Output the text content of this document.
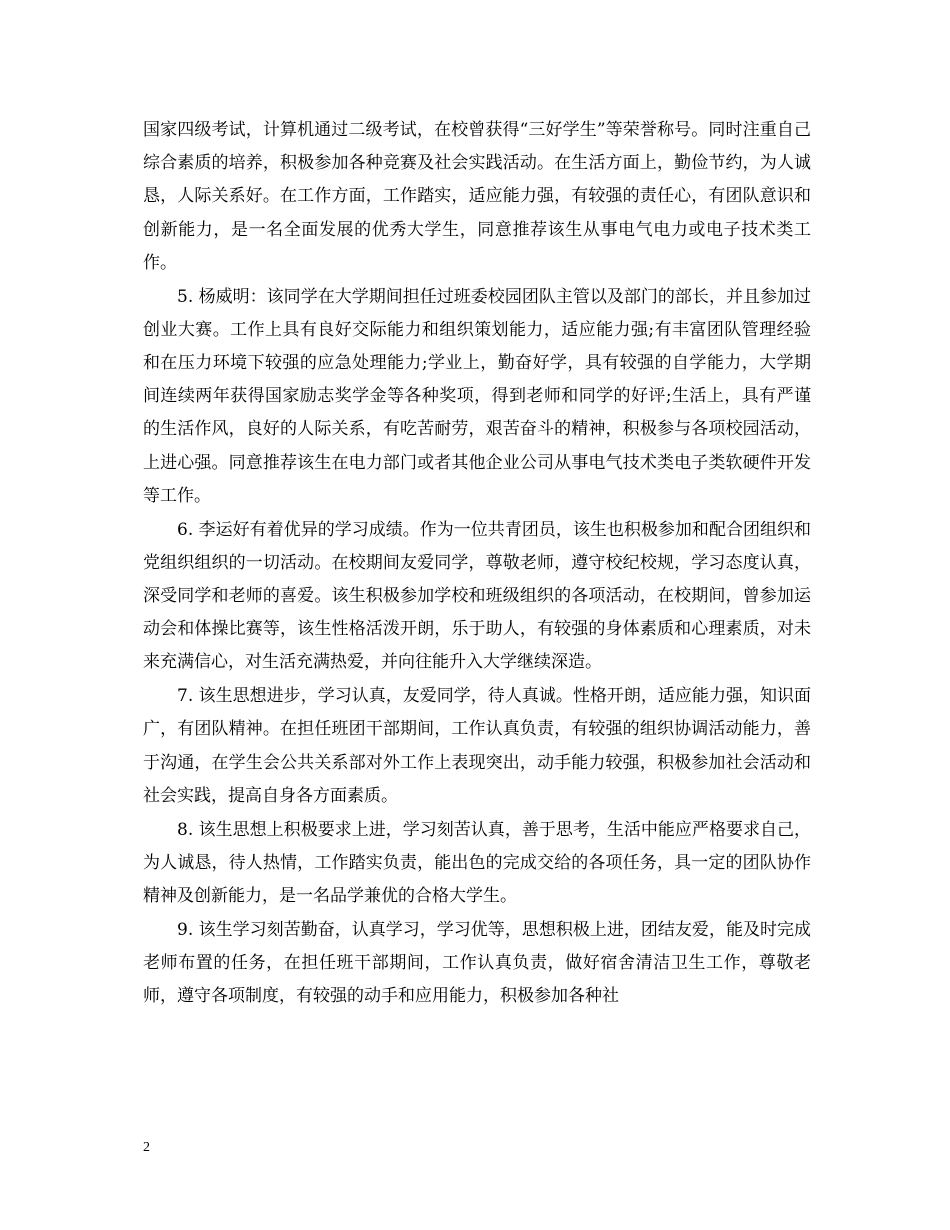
国家四级考试，计算机通过二级考试，在校曾获得“三好学生”等荣誉称号。同时注重自己综合素质的培养，积极参加各种竞赛及社会实践活动。在生活方面上，勤俭节约，为人诚恳，人际关系好。在工作方面，工作踏实，适应能力强，有较强的责任心，有团队意识和创新能力，是一名全面发展的优秀大学生，同意推荐该生从事电气电力或电子技术类工作。

5. 杨威明：该同学在大学期间担任过班委校园团队主管以及部门的部长，并且参加过创业大赛。工作上具有良好交际能力和组织策划能力，适应能力强;有丰富团队管理经验和在压力环境下较强的应急处理能力;学业上，勤奋好学，具有较强的自学能力，大学期间连续两年获得国家励志奖学金等各种奖项，得到老师和同学的好评;生活上，具有严谨的生活作风，良好的人际关系，有吃苦耐劳，艰苦奋斗的精神，积极参与各项校园活动，上进心强。同意推荐该生在电力部门或者其他企业公司从事电气技术类电子类软硬件开发等工作。

6. 李运好有着优异的学习成绩。作为一位共青团员，该生也积极参加和配合团组织和党组织组织的一切活动。在校期间友爱同学，尊敬老师，遵守校纪校规，学习态度认真，深受同学和老师的喜爱。该生积极参加学校和班级组织的各项活动，在校期间，曾参加运动会和体操比赛等，该生性格活泼开朗，乐于助人，有较强的身体素质和心理素质，对未来充满信心，对生活充满热爱，并向往能升入大学继续深造。

7. 该生思想进步，学习认真，友爱同学，待人真诚。性格开朗，适应能力强，知识面广，有团队精神。在担任班团干部期间，工作认真负责，有较强的组织协调活动能力，善于沟通，在学生会公共关系部对外工作上表现突出，动手能力较强，积极参加社会活动和社会实践，提高自身各方面素质。

8. 该生思想上积极要求上进，学习刻苦认真，善于思考，生活中能应严格要求自己，为人诚恳，待人热情，工作踏实负责，能出色的完成交给的各项任务，具一定的团队协作精神及创新能力，是一名品学兼优的合格大学生。

9. 该生学习刻苦勤奋，认真学习，学习优等，思想积极上进，团结友爱，能及时完成老师布置的任务，在担任班干部期间，工作认真负责，做好宿舍清洁卫生工作，尊敬老师，遵守各项制度，有较强的动手和应用能力，积极参加各种社

2
